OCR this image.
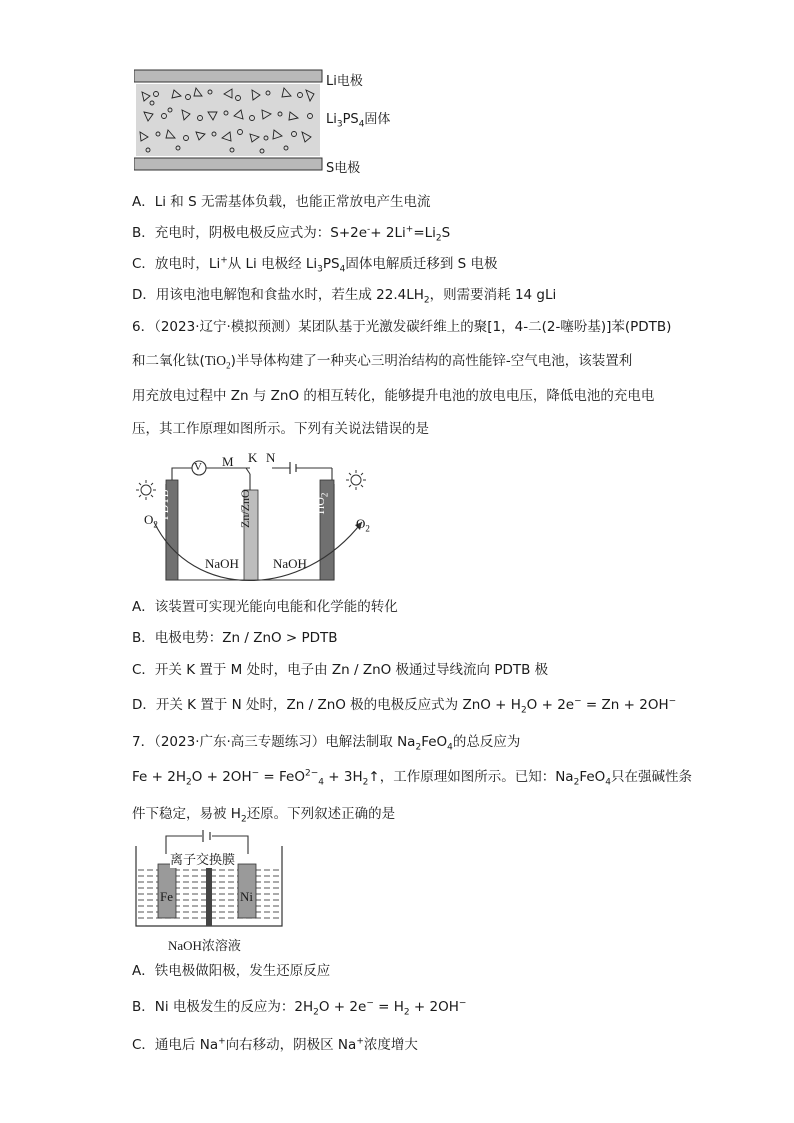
Li电极
$Li_3PS_4$固体
S电极
A．Li 和 S 无需基体负载，也能正常放电产生电流
B．充电时，阴极电极反应式为：$S+2e^-+ 2Li^+=Li_2S$
C．放电时，Li+从 Li 电极经 $Li_3PS_4$固体电解质迁移到 S 电极
D．用该电池电解饱和食盐水时，若生成 $22.4LH_2$，则需要消耗 14 gLi
6．（2023·辽宁·模拟预测）某团队基于光激发碳纤维上的聚[1，4-二(2-噻吩基)]苯(PDTB)
和二氧化钛(TiO$_2$)半导体构建了一种夹心三明治结构的高性能锌-空气电池，该装置利
用充放电过程中 Zn 与 ZnO 的相互转化，能够提升电池的放电电压，降低电池的充电电
压，其工作原理如图所示。下列有关说法错误的是
M K N
V
$O_2$	$O_2$
PDTB	Zn/ZnO	TiO$_2$
NaOH	NaOH
A．该装置可实现光能向电能和化学能的转化
B．电极电势：Zn / ZnO > PDTB
C．开关 K 置于 M 处时，电子由 Zn / ZnO 极通过导线流向 PDTB 极
D．开关 K 置于 N 处时，Zn / ZnO 极的电极反应式为 ZnO + $H_2O + 2e^- = Zn + 2OH^-$
7．（2023·广东·高三专题练习）电解法制取 $Na_2FeO_4$的总反应为
$Fe + 2H_2O + 2OH^- = FeO^{2-}_4$ + $3H_2↑$，工作原理如图所示。已知：$Na_2FeO_4$只在强碱性条
件下稳定，易被 $H_2$还原。下列叙述正确的是
离子交换膜
Fe	Ni
NaOH浓溶液
A．铁电极做阳极，发生还原反应
B．Ni 电极发生的反应为：$2H_2O + 2e^- = H_2 + 2OH^-$
C．通电后 Na+向右移动，阴极区 Na+浓度增大
